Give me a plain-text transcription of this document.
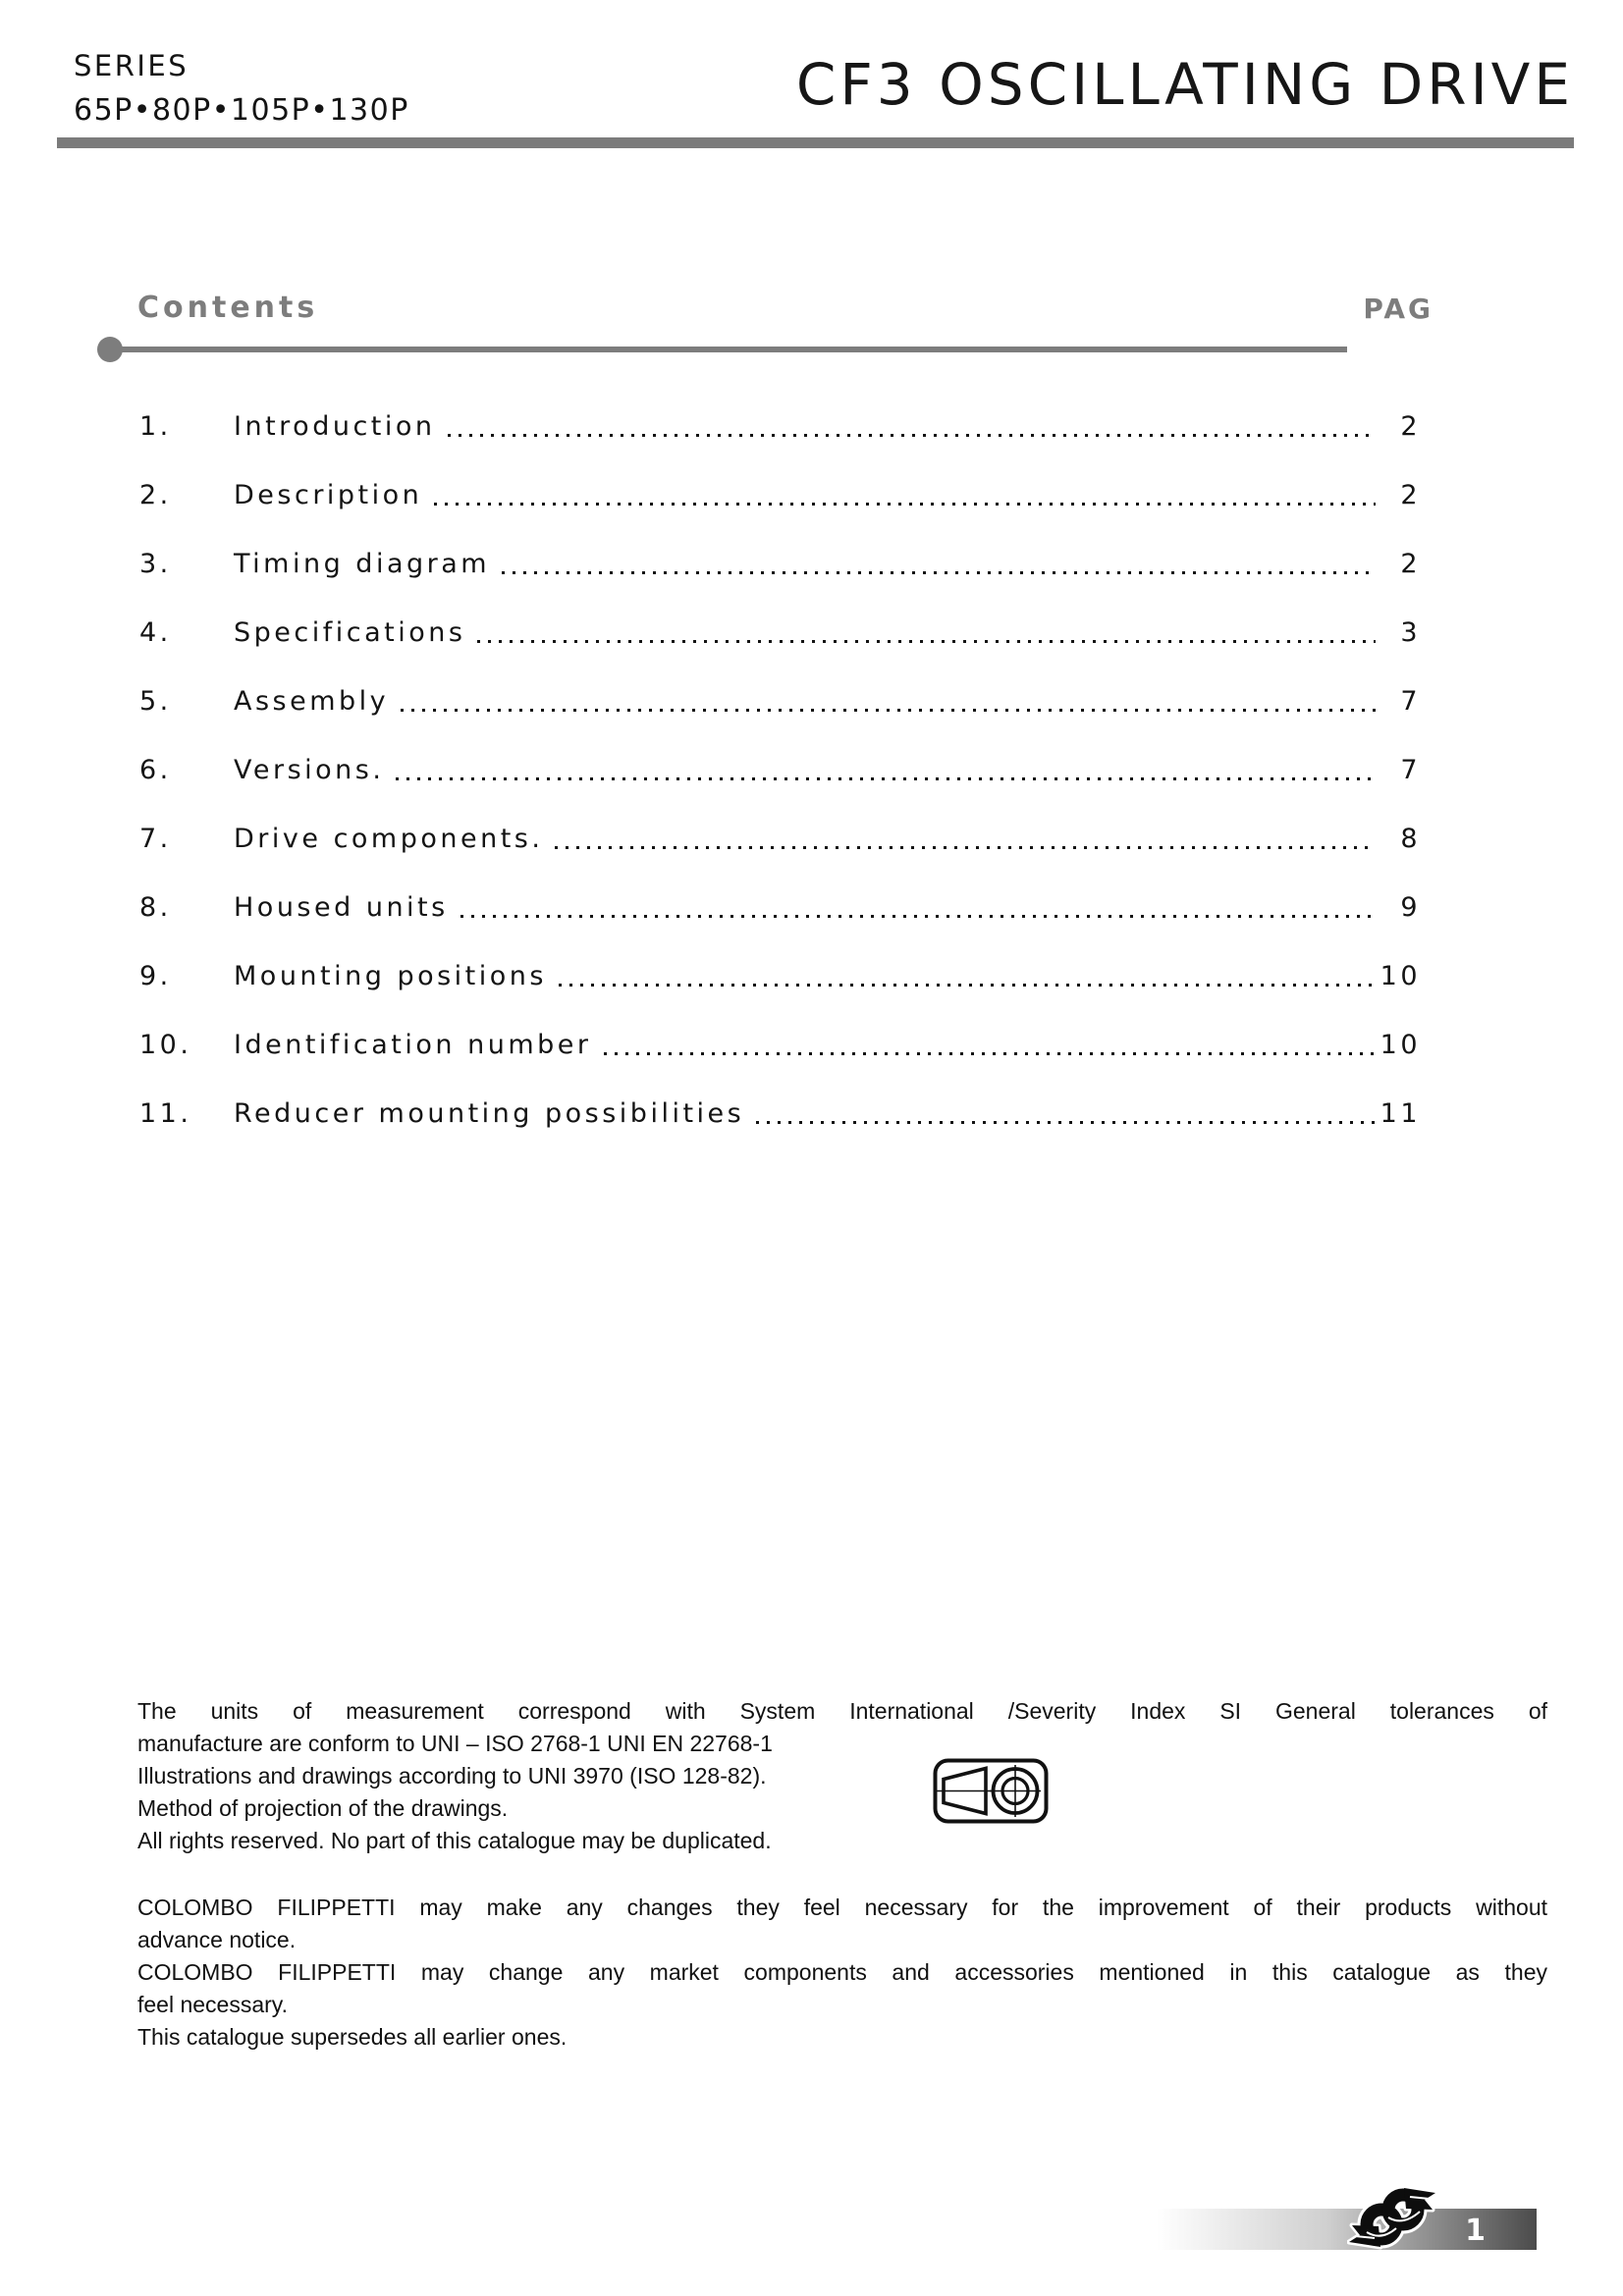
SERIES
65P•80P•105P•130P	CF3 OSCILLATING DRIVE
Contents	PAG
1.	Introduction	2
2.	Description	2
3.	Timing diagram	2
4.	Specifications	3
5.	Assembly	7
6.	Versions.	7
7.	Drive components.	8
8.	Housed units	9
9.	Mounting positions	10
10.	Identification number	10
11.	Reducer mounting possibilities	11
The units of measurement correspond with System International /Severity Index SI General tolerances of
manufacture are conform to UNI – ISO 2768-1 UNI EN 22768-1
Illustrations and drawings according to UNI 3970 (ISO 128-82).
Method of projection of the drawings.
All rights reserved. No part of this catalogue may be duplicated.
COLOMBO FILIPPETTI may make any changes they feel necessary for the improvement of their products without
advance notice.
COLOMBO FILIPPETTI may change any market components and accessories mentioned in this catalogue as they
feel necessary.
This catalogue supersedes all earlier ones.
1
